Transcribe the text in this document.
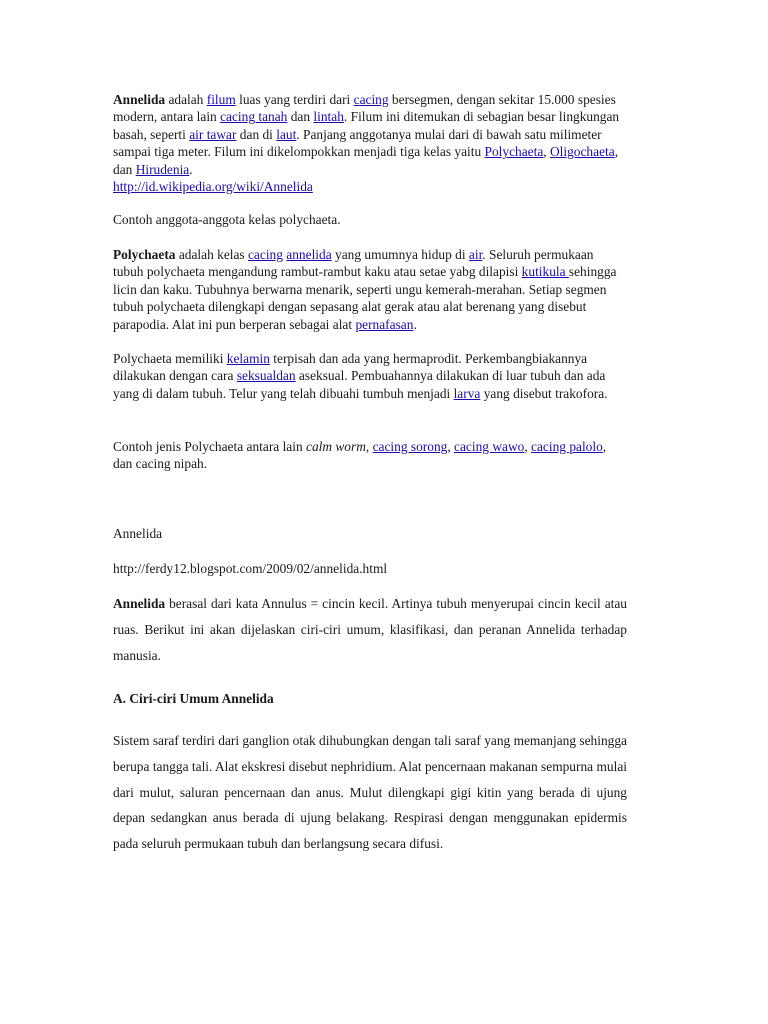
Annelida adalah filum luas yang terdiri dari cacing bersegmen, dengan sekitar 15.000 spesies modern, antara lain cacing tanah dan lintah. Filum ini ditemukan di sebagian besar lingkungan basah, seperti air tawar dan di laut. Panjang anggotanya mulai dari di bawah satu milimeter sampai tiga meter. Filum ini dikelompokkan menjadi tiga kelas yaitu Polychaeta, Oligochaeta, dan Hirudenia.
http://id.wikipedia.org/wiki/Annelida

Contoh anggota-anggota kelas polychaeta.

Polychaeta adalah kelas cacing annelida yang umumnya hidup di air. Seluruh permukaan tubuh polychaeta mengandung rambut-rambut kaku atau setae yabg dilapisi kutikula sehingga licin dan kaku. Tubuhnya berwarna menarik, seperti ungu kemerah-merahan. Setiap segmen tubuh polychaeta dilengkapi dengan sepasang alat gerak atau alat berenang yang disebut parapodia. Alat ini pun berperan sebagai alat pernafasan.

Polychaeta memiliki kelamin terpisah dan ada yang hermaprodit. Perkembangbiakannya dilakukan dengan cara seksualdan aseksual. Pembuahannya dilakukan di luar tubuh dan ada yang di dalam tubuh. Telur yang telah dibuahi tumbuh menjadi larva yang disebut trakofora.

Contoh jenis Polychaeta antara lain calm worm, cacing sorong, cacing wawo, cacing palolo, dan cacing nipah.

Annelida

http://ferdy12.blogspot.com/2009/02/annelida.html

Annelida berasal dari kata Annulus = cincin kecil. Artinya tubuh menyerupai cincin kecil atau ruas. Berikut ini akan dijelaskan ciri-ciri umum, klasifikasi, dan peranan Annelida terhadap manusia.

A. Ciri-ciri Umum Annelida

Sistem saraf terdiri dari ganglion otak dihubungkan dengan tali saraf yang memanjang sehingga berupa tangga tali. Alat ekskresi disebut nephridium. Alat pencernaan makanan sempurna mulai dari mulut, saluran pencernaan dan anus. Mulut dilengkapi gigi kitin yang berada di ujung depan sedangkan anus berada di ujung belakang. Respirasi dengan menggunakan epidermis pada seluruh permukaan tubuh dan berlangsung secara difusi.
